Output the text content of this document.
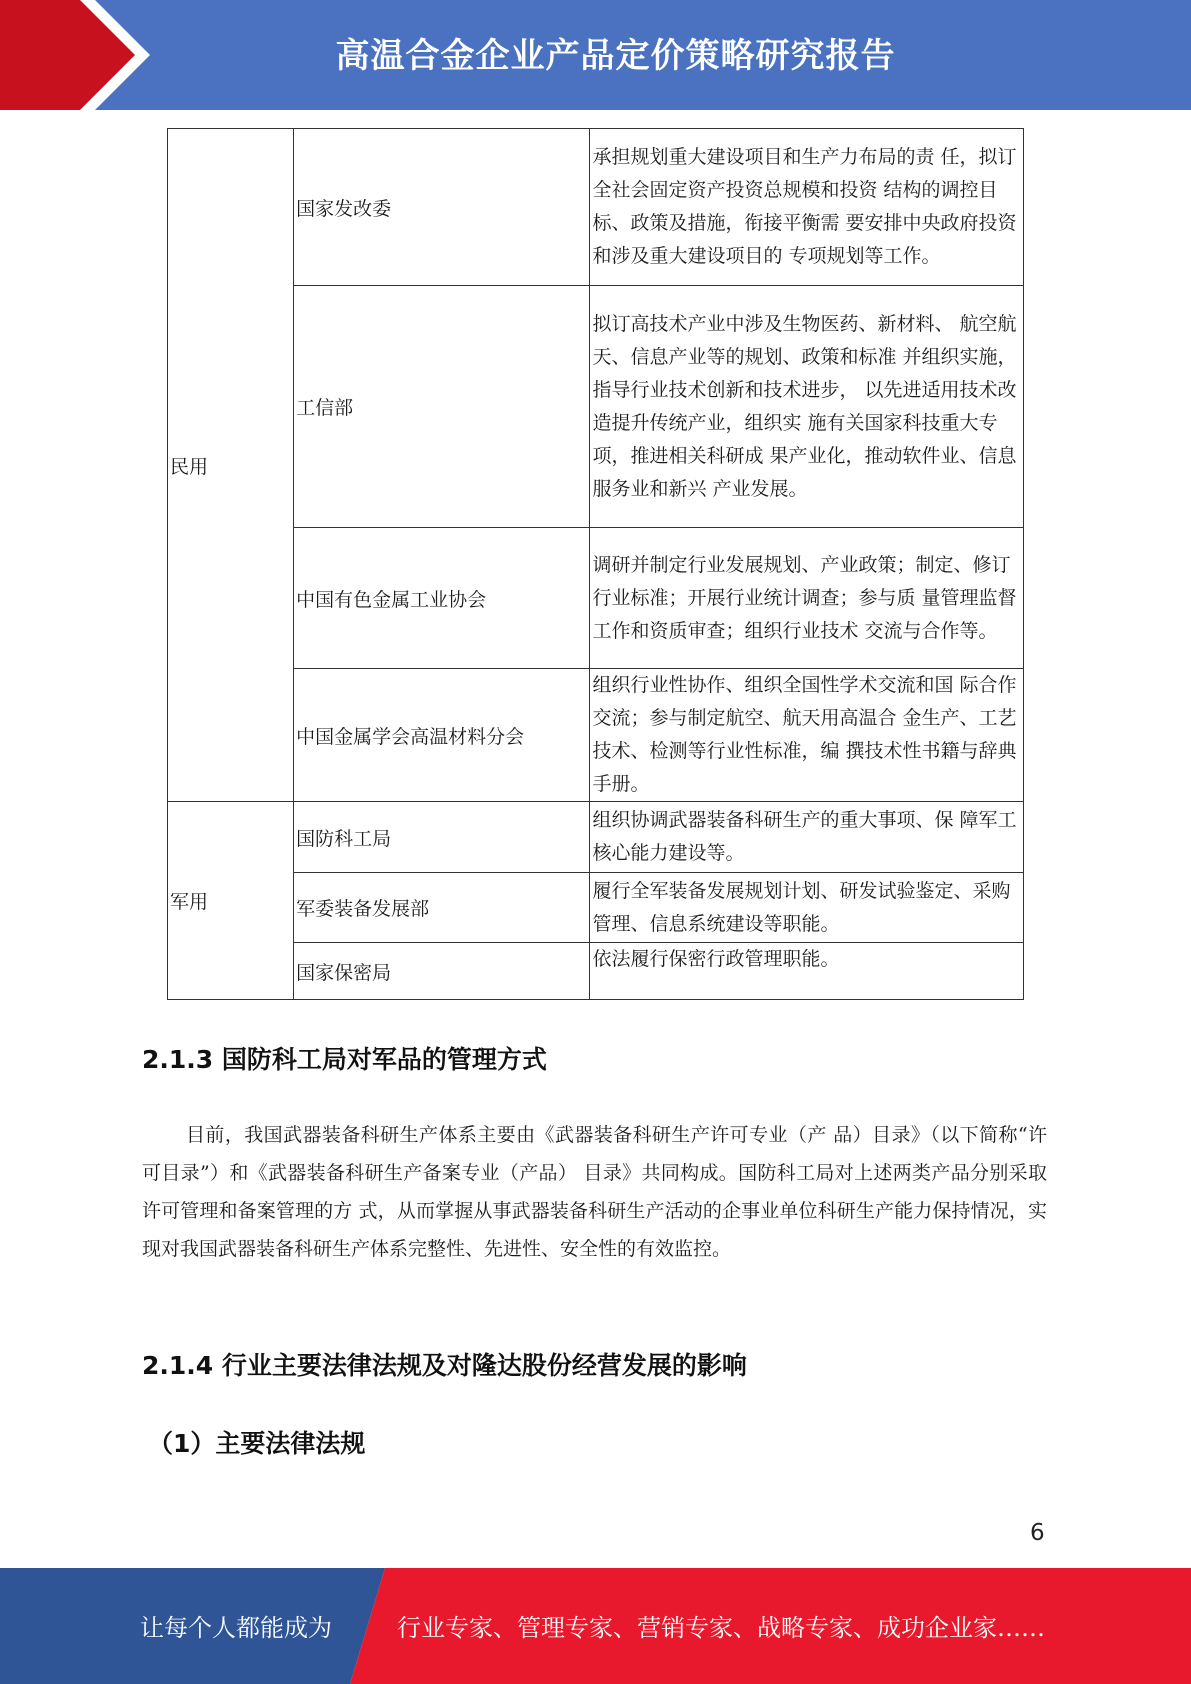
高温合金企业产品定价策略研究报告
民用	国家发改委	承担规划重大建设项目和生产力布局的责 任，拟订全社会固定资产投资总规模和投资 结构的调控目标、政策及措施，衔接平衡需 要安排中央政府投资和涉及重大建设项目的 专项规划等工作。
	工信部	拟订高技术产业中涉及生物医药、新材料、 航空航天、信息产业等的规划、政策和标准 并组织实施，指导行业技术创新和技术进步， 以先进适用技术改造提升传统产业，组织实 施有关国家科技重大专项，推进相关科研成 果产业化，推动软件业、信息服务业和新兴 产业发展。
	中国有色金属工业协会	调研并制定行业发展规划、产业政策；制定、修订行业标准；开展行业统计调查；参与质 量管理监督工作和资质审查；组织行业技术 交流与合作等。
	中国金属学会高温材料分会	组织行业性协作、组织全国性学术交流和国 际合作交流；参与制定航空、航天用高温合 金生产、工艺技术、检测等行业性标准，编 撰技术性书籍与辞典手册。
军用	国防科工局	组织协调武器装备科研生产的重大事项、保 障军工核心能力建设等。
	军委装备发展部	履行全军装备发展规划计划、研发试验鉴定、采购管理、信息系统建设等职能。
	国家保密局	依法履行保密行政管理职能。
2.1.3 国防科工局对军品的管理方式

目前，我国武器装备科研生产体系主要由《武器装备科研生产许可专业（产 品）目录》（以下简称“许可目录”）和《武器装备科研生产备案专业（产品） 目录》共同构成。国防科工局对上述两类产品分别采取许可管理和备案管理的方 式，从而掌握从事武器装备科研生产活动的企事业单位科研生产能力保持情况，实现对我国武器装备科研生产体系完整性、先进性、安全性的有效监控。

2.1.4 行业主要法律法规及对隆达股份经营发展的影响
（1）主要法律法规
6
让每个人都能成为	行业专家、管理专家、营销专家、战略专家、成功企业家……
